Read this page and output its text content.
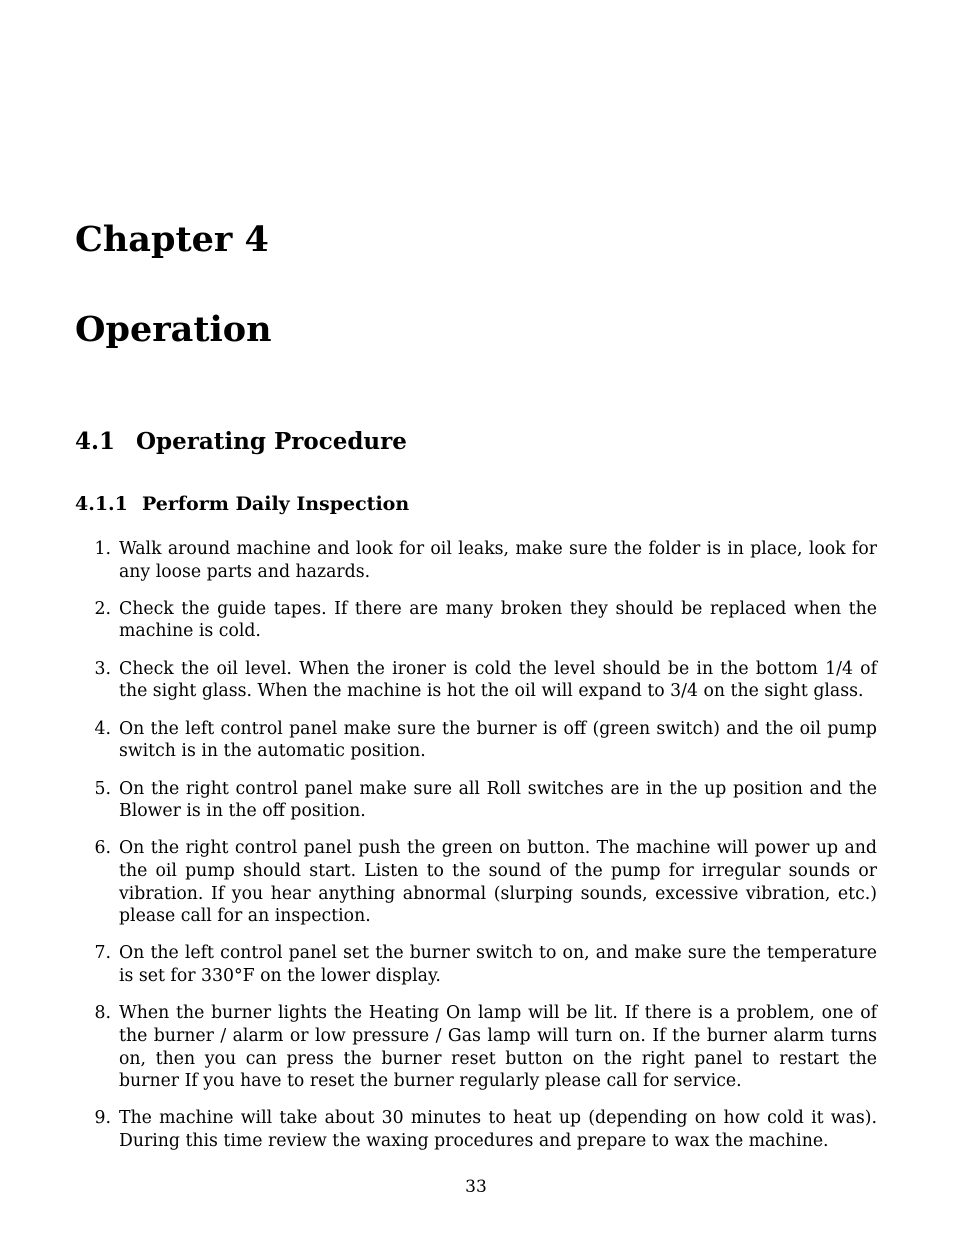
Chapter 4
Operation
4.1 Operating Procedure
4.1.1 Perform Daily Inspection
1. Walk around machine and look for oil leaks, make sure the folder is in place, look for any loose parts and hazards.
2. Check the guide tapes. If there are many broken they should be replaced when the machine is cold.
3. Check the oil level. When the ironer is cold the level should be in the bottom 1/4 of the sight glass. When the machine is hot the oil will expand to 3/4 on the sight glass.
4. On the left control panel make sure the burner is off (green switch) and the oil pump switch is in the automatic position.
5. On the right control panel make sure all Roll switches are in the up position and the Blower is in the off position.
6. On the right control panel push the green on button. The machine will power up and the oil pump should start. Listen to the sound of the pump for irregular sounds or vibration. If you hear anything abnormal (slurping sounds, excessive vibration, etc.) please call for an inspection.
7. On the left control panel set the burner switch to on, and make sure the temperature is set for 330°F on the lower display.
8. When the burner lights the Heating On lamp will be lit. If there is a problem, one of the burner / alarm or low pressure / Gas lamp will turn on. If the burner alarm turns on, then you can press the burner reset button on the right panel to restart the burner If you have to reset the burner regularly please call for service.
9. The machine will take about 30 minutes to heat up (depending on how cold it was). During this time review the waxing procedures and prepare to wax the machine.
33
